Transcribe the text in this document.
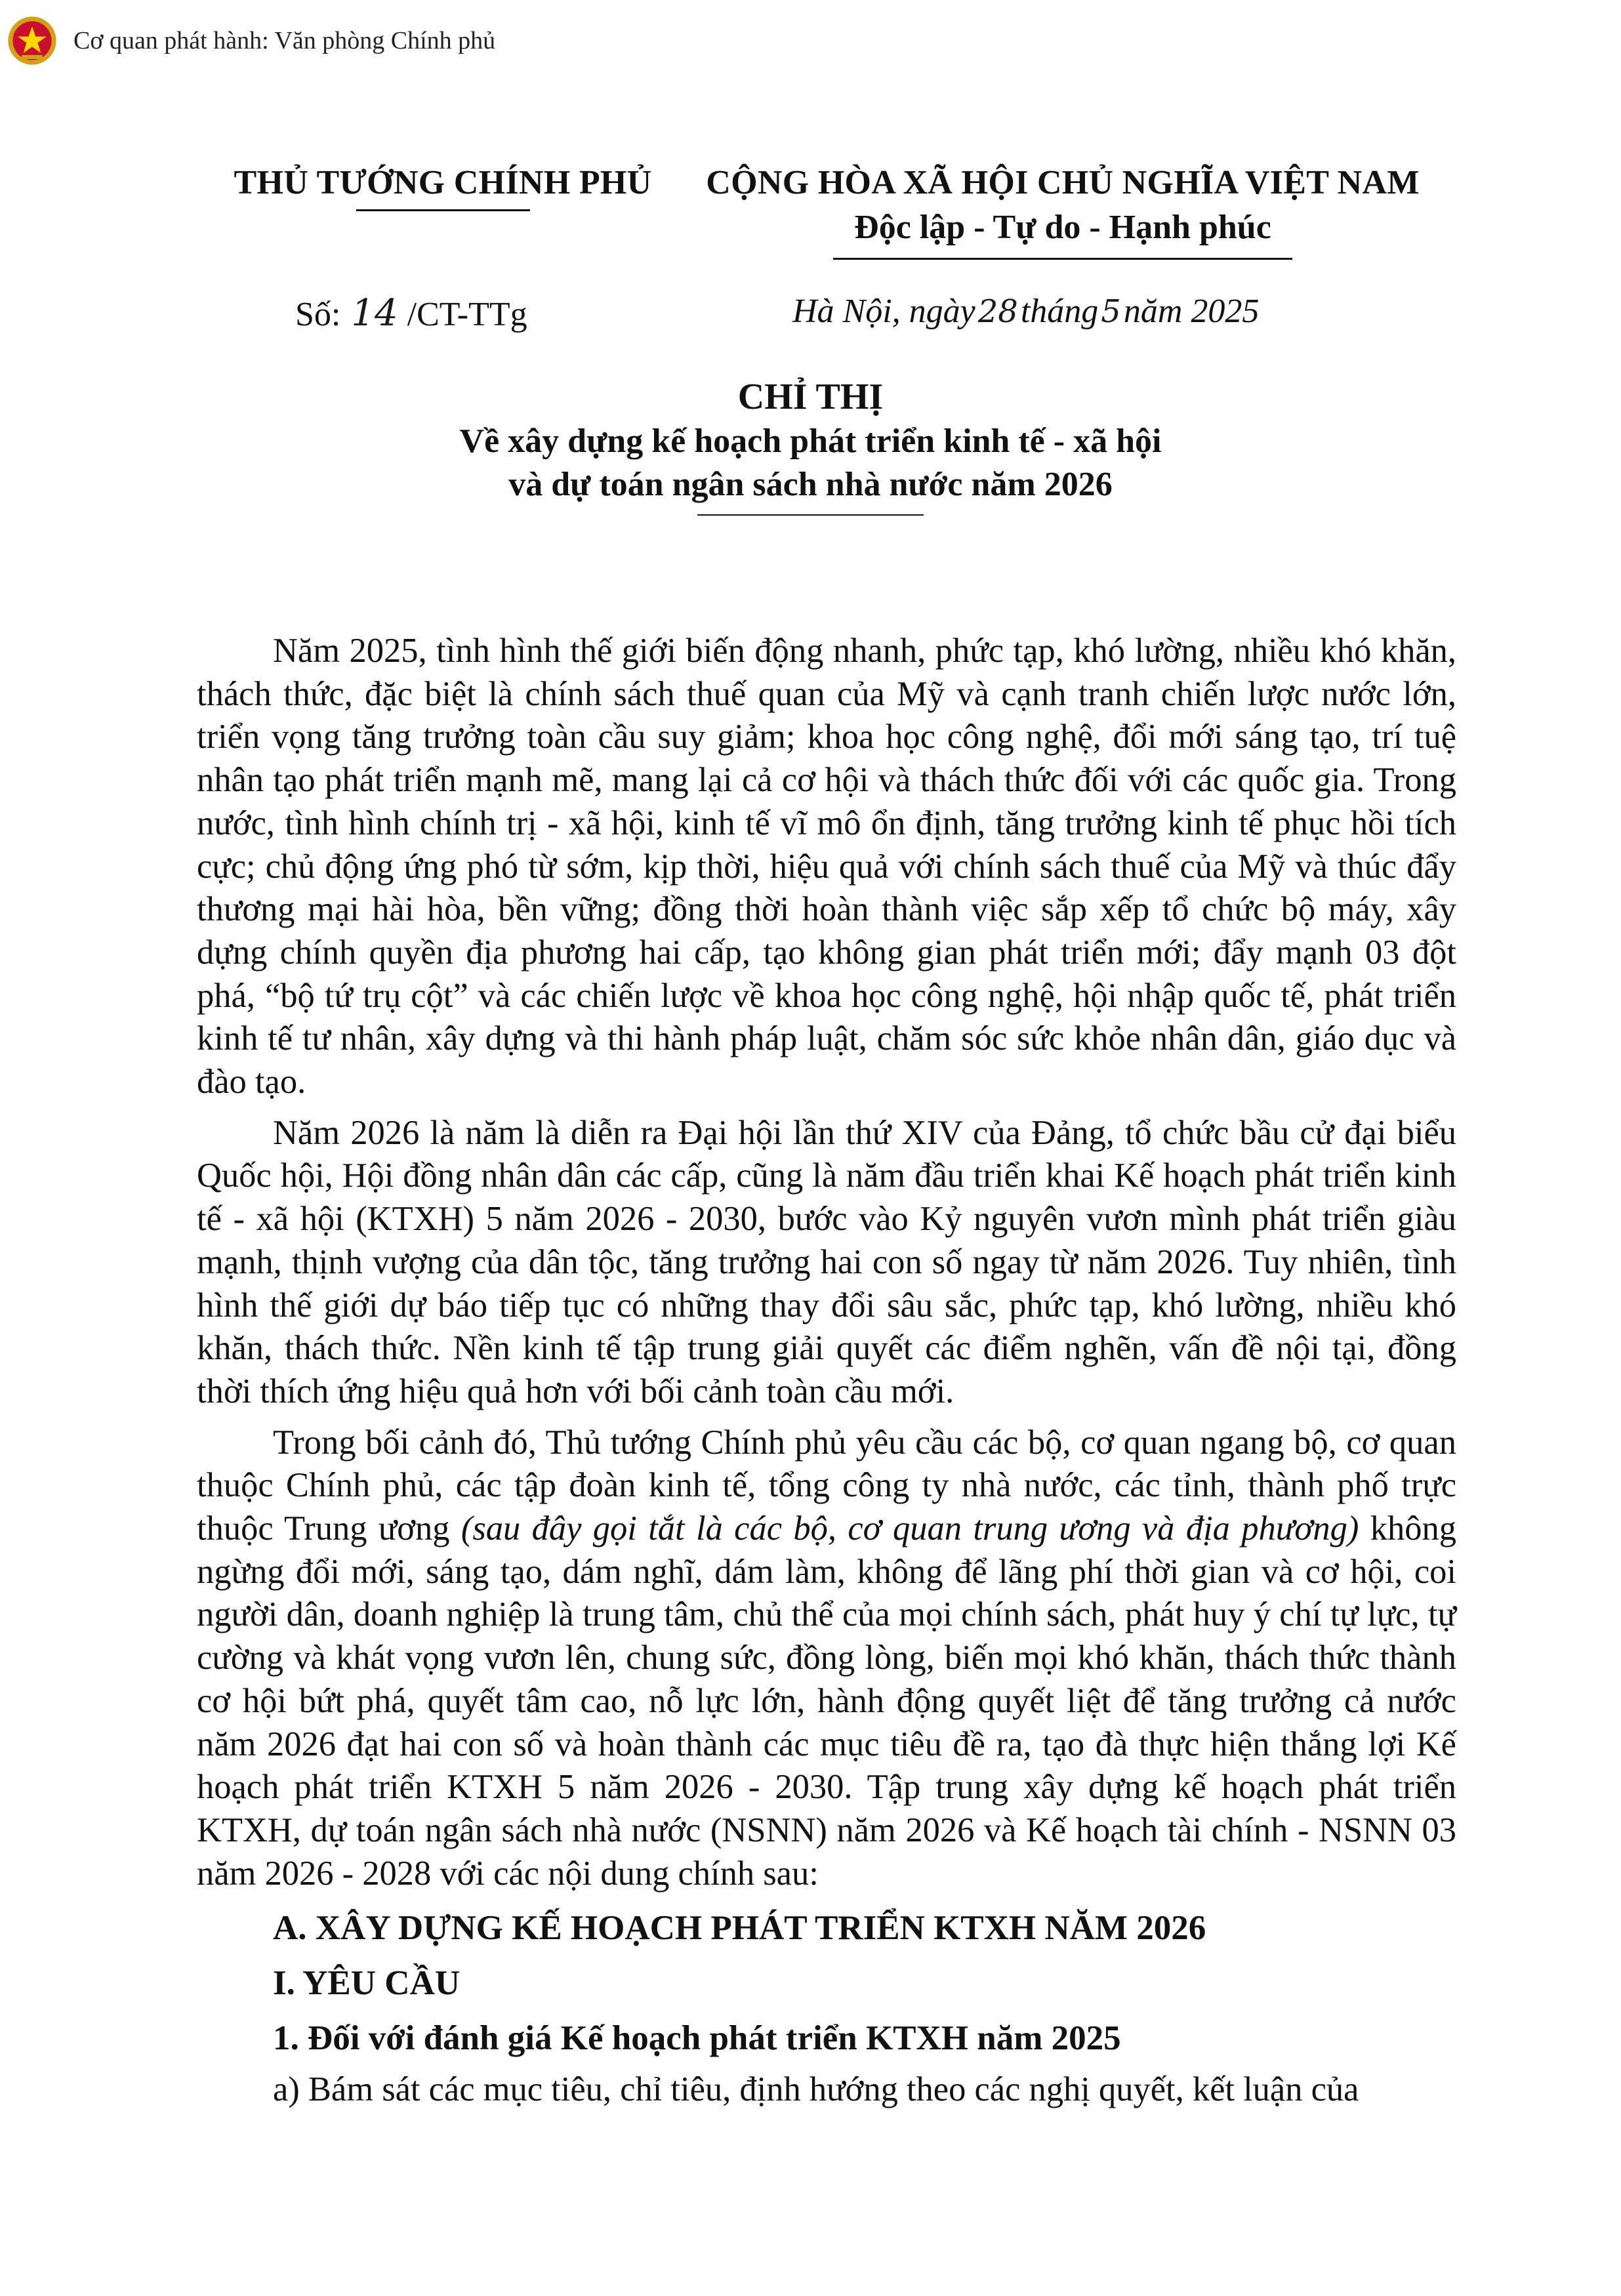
Cơ quan phát hành: Văn phòng Chính phủ
THỦ TƯỚNG CHÍNH PHỦ	CỘNG HÒA XÃ HỘI CHỦ NGHĨA VIỆT NAM
Độc lập - Tự do - Hạnh phúc
Số: 14 /CT-TTg	Hà Nội, ngày28tháng5năm 2025
CHỈ THỊ
Về xây dựng kế hoạch phát triển kinh tế - xã hội
và dự toán ngân sách nhà nước năm 2026

Năm 2025, tình hình thế giới biến động nhanh, phức tạp, khó lường, nhiều khó khăn, thách thức, đặc biệt là chính sách thuế quan của Mỹ và cạnh tranh chiến lược nước lớn, triển vọng tăng trưởng toàn cầu suy giảm; khoa học công nghệ, đổi mới sáng tạo, trí tuệ nhân tạo phát triển mạnh mẽ, mang lại cả cơ hội và thách thức đối với các quốc gia. Trong nước, tình hình chính trị - xã hội, kinh tế vĩ mô ổn định, tăng trưởng kinh tế phục hồi tích cực; chủ động ứng phó từ sớm, kịp thời, hiệu quả với chính sách thuế của Mỹ và thúc đẩy thương mại hài hòa, bền vững; đồng thời hoàn thành việc sắp xếp tổ chức bộ máy, xây dựng chính quyền địa phương hai cấp, tạo không gian phát triển mới; đẩy mạnh 03 đột phá, “bộ tứ trụ cột” và các chiến lược về khoa học công nghệ, hội nhập quốc tế, phát triển kinh tế tư nhân, xây dựng và thi hành pháp luật, chăm sóc sức khỏe nhân dân, giáo dục và đào tạo.

Năm 2026 là năm là diễn ra Đại hội lần thứ XIV của Đảng, tổ chức bầu cử đại biểu Quốc hội, Hội đồng nhân dân các cấp, cũng là năm đầu triển khai Kế hoạch phát triển kinh tế - xã hội (KTXH) 5 năm 2026 - 2030, bước vào Kỷ nguyên vươn mình phát triển giàu mạnh, thịnh vượng của dân tộc, tăng trưởng hai con số ngay từ năm 2026. Tuy nhiên, tình hình thế giới dự báo tiếp tục có những thay đổi sâu sắc, phức tạp, khó lường, nhiều khó khăn, thách thức. Nền kinh tế tập trung giải quyết các điểm nghẽn, vấn đề nội tại, đồng thời thích ứng hiệu quả hơn với bối cảnh toàn cầu mới.

Trong bối cảnh đó, Thủ tướng Chính phủ yêu cầu các bộ, cơ quan ngang bộ, cơ quan thuộc Chính phủ, các tập đoàn kinh tế, tổng công ty nhà nước, các tỉnh, thành phố trực thuộc Trung ương (sau đây gọi tắt là các bộ, cơ quan trung ương và địa phương) không ngừng đổi mới, sáng tạo, dám nghĩ, dám làm, không để lãng phí thời gian và cơ hội, coi người dân, doanh nghiệp là trung tâm, chủ thể của mọi chính sách, phát huy ý chí tự lực, tự cường và khát vọng vươn lên, chung sức, đồng lòng, biến mọi khó khăn, thách thức thành cơ hội bứt phá, quyết tâm cao, nỗ lực lớn, hành động quyết liệt để tăng trưởng cả nước năm 2026 đạt hai con số và hoàn thành các mục tiêu đề ra, tạo đà thực hiện thắng lợi Kế hoạch phát triển KTXH 5 năm 2026 - 2030. Tập trung xây dựng kế hoạch phát triển KTXH, dự toán ngân sách nhà nước (NSNN) năm 2026 và Kế hoạch tài chính - NSNN 03 năm 2026 - 2028 với các nội dung chính sau:

A. XÂY DỰNG KẾ HOẠCH PHÁT TRIỂN KTXH NĂM 2026

I. YÊU CẦU

1. Đối với đánh giá Kế hoạch phát triển KTXH năm 2025

a) Bám sát các mục tiêu, chỉ tiêu, định hướng theo các nghị quyết, kết luận của
